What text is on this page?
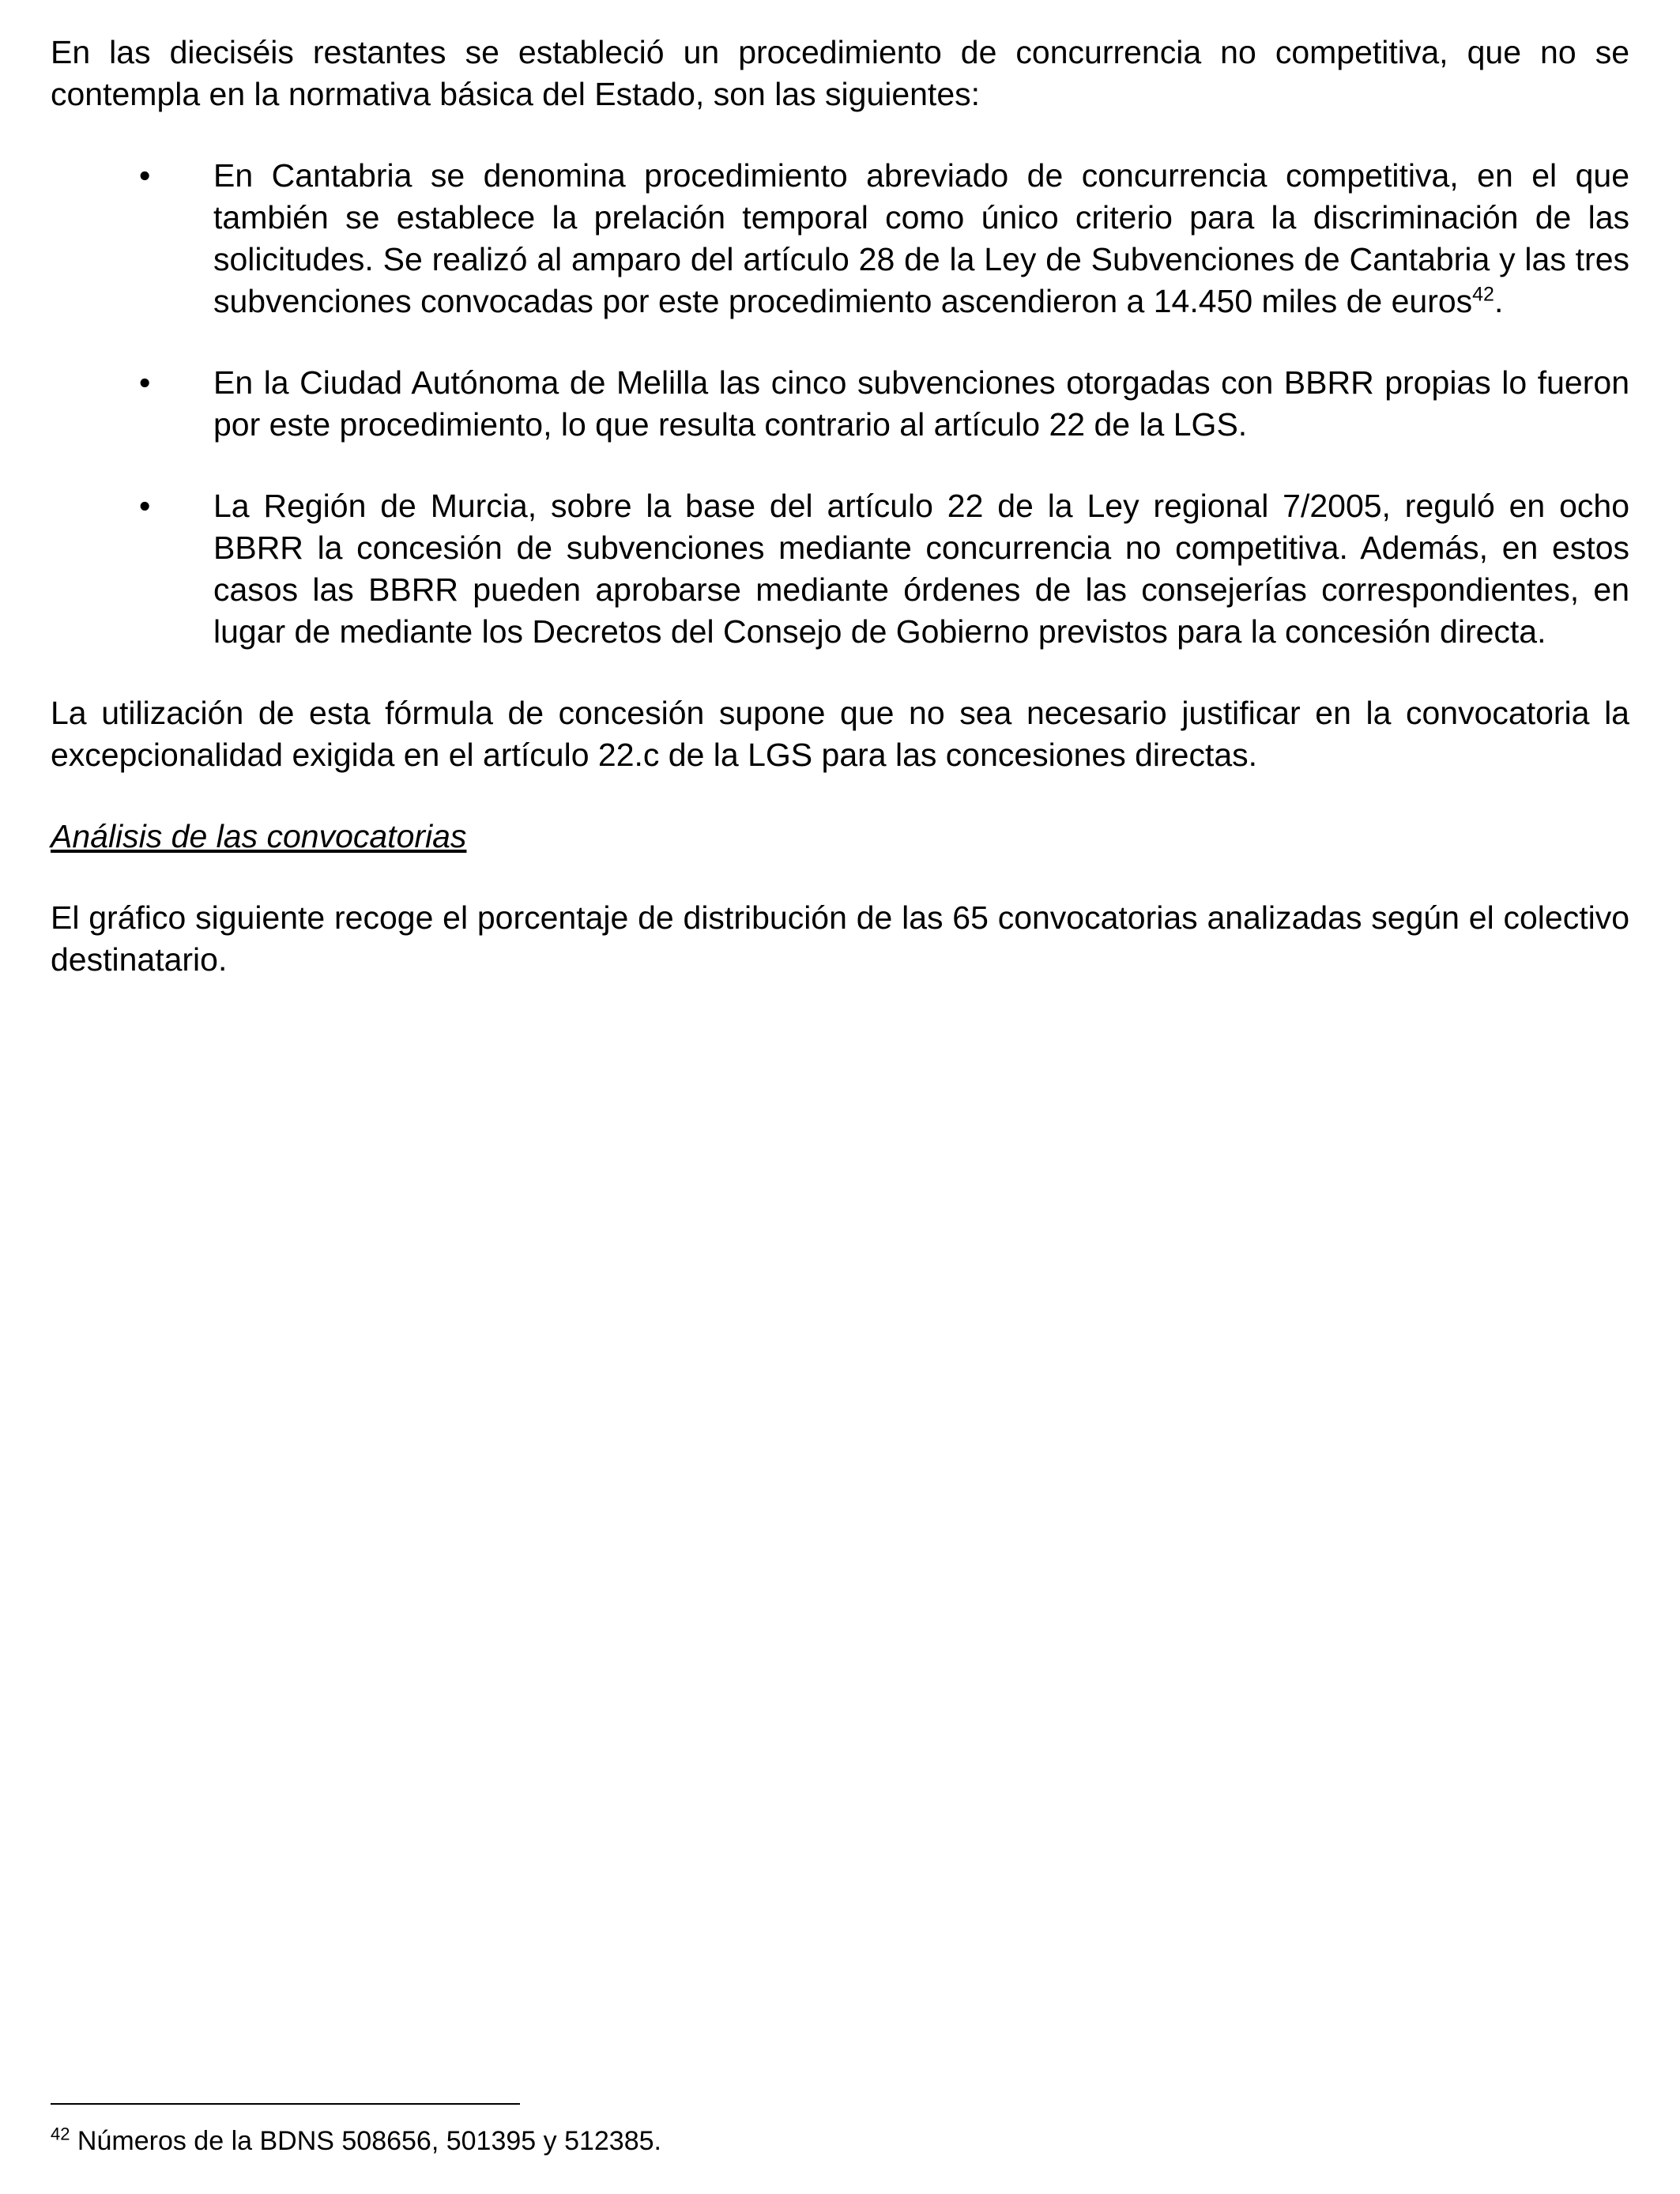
En las dieciséis restantes se estableció un procedimiento de concurrencia no competitiva, que no se contempla en la normativa básica del Estado, son las siguientes:

• En Cantabria se denomina procedimiento abreviado de concurrencia competitiva, en el que también se establece la prelación temporal como único criterio para la discriminación de las solicitudes. Se realizó al amparo del artículo 28 de la Ley de Subvenciones de Cantabria y las tres subvenciones convocadas por este procedimiento ascendieron a 14.450 miles de euros$^{42}$.

• En la Ciudad Autónoma de Melilla las cinco subvenciones otorgadas con BBRR propias lo fueron por este procedimiento, lo que resulta contrario al artículo 22 de la LGS.

• La Región de Murcia, sobre la base del artículo 22 de la Ley regional 7/2005, reguló en ocho BBRR la concesión de subvenciones mediante concurrencia no competitiva. Además, en estos casos las BBRR pueden aprobarse mediante órdenes de las consejerías correspondientes, en lugar de mediante los Decretos del Consejo de Gobierno previstos para la concesión directa.

La utilización de esta fórmula de concesión supone que no sea necesario justificar en la convocatoria la excepcionalidad exigida en el artículo 22.c de la LGS para las concesiones directas.

Análisis de las convocatorias

El gráfico siguiente recoge el porcentaje de distribución de las 65 convocatorias analizadas según el colectivo destinatario.

$^{42}$ Números de la BDNS 508656, 501395 y 512385.
